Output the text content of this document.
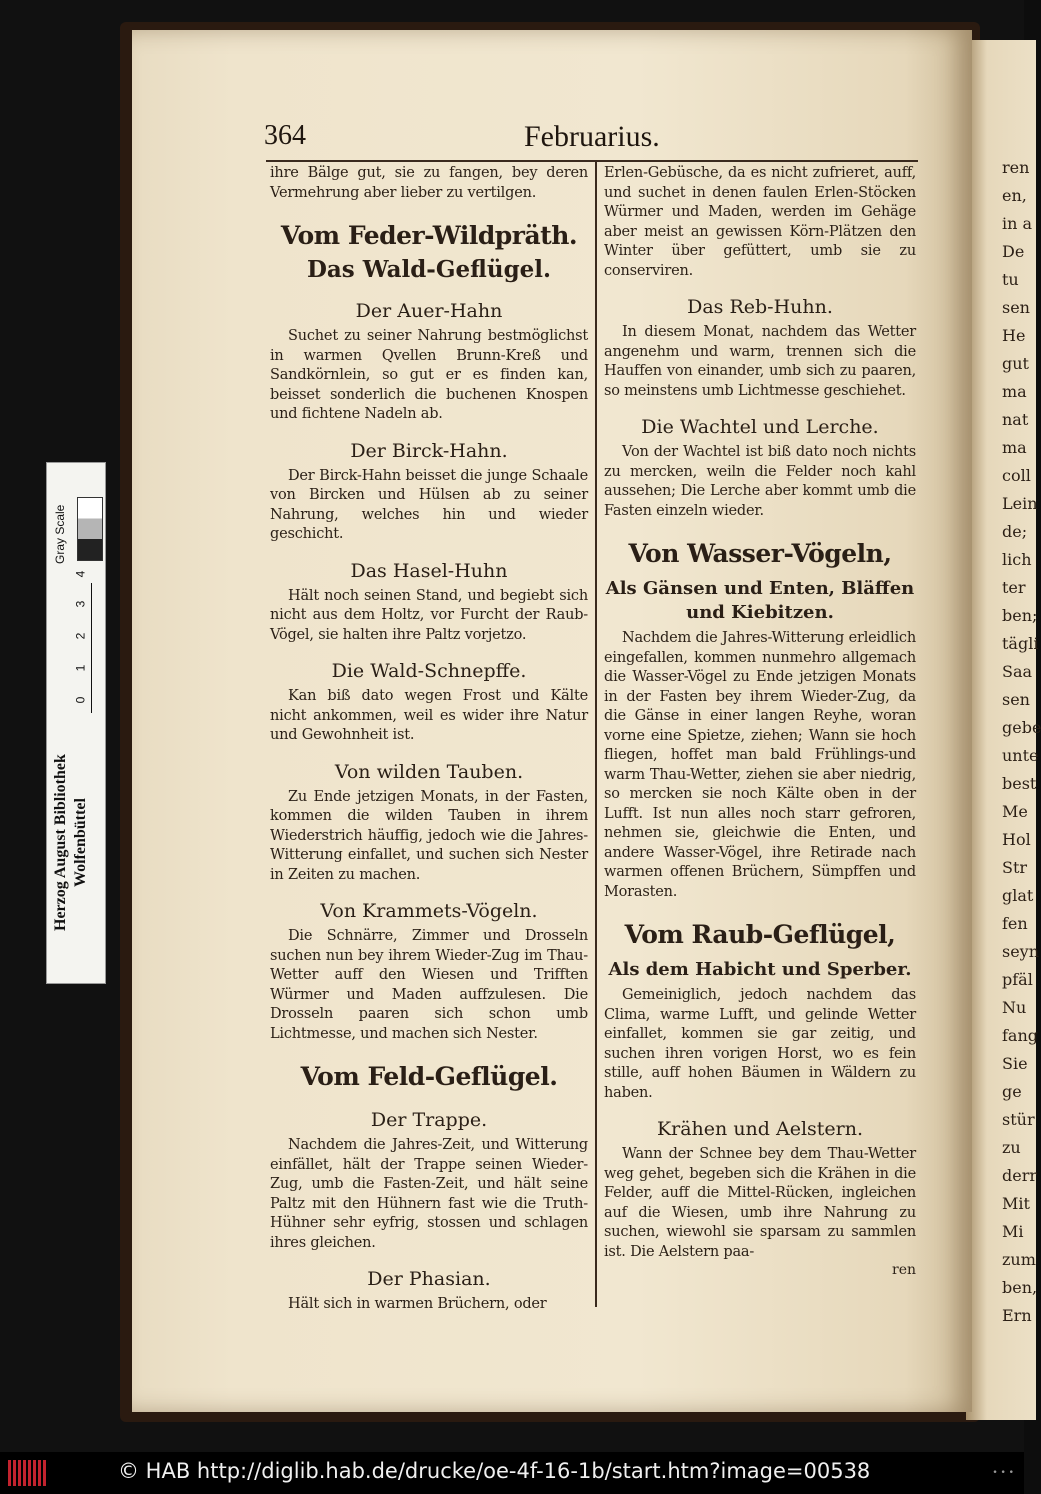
ren
en,
in a
De
tu
sen
He
gut
ma
nat
ma
coll
Lein
de;
lich
ter
ben;
tägli
Saa
sen
gebe
unte
best
Me
Hol
Str
glat
fen
seyn
pfäl
Nu
fang
Sie
ge
stür
zu
derr
Mit
Mi
zum
ben,
Ern
364	Februarius.

ihre Bälge gut, sie zu fangen, bey deren Vermehrung aber lieber zu vertilgen.

Vom Feder-Wildpräth.
Das Wald-Geflügel.
Der Auer-Hahn

Suchet zu seiner Nahrung bestmöglichst in warmen Qvellen Brunn-Kreß und Sandkörnlein, so gut er es finden kan, beisset sonderlich die buchenen Knospen und fichtene Nadeln ab.

Der Birck-Hahn.

Der Birck-Hahn beisset die junge Schaale von Bircken und Hülsen ab zu seiner Nahrung, welches hin und wieder geschicht.

Das Hasel-Huhn

Hält noch seinen Stand, und begiebt sich nicht aus dem Holtz, vor Furcht der Raub-Vögel, sie halten ihre Paltz vorjetzo.

Die Wald-Schnepffe.

Kan biß dato wegen Frost und Kälte nicht ankommen, weil es wider ihre Natur und Gewohnheit ist.

Von wilden Tauben.

Zu Ende jetzigen Monats, in der Fasten, kommen die wilden Tauben in ihrem Wiederstrich häuffig, jedoch wie die Jahres-Witterung einfallet, und suchen sich Nester in Zeiten zu machen.

Von Krammets-Vögeln.

Die Schnärre, Zimmer und Drosseln suchen nun bey ihrem Wieder-Zug im Thau-Wetter auff den Wiesen und Trifften Würmer und Maden auffzulesen. Die Drosseln paaren sich schon umb Lichtmesse, und machen sich Nester.

Vom Feld-Geflügel.
Der Trappe.

Nachdem die Jahres-Zeit, und Witterung einfället, hält der Trappe seinen Wieder-Zug, umb die Fasten-Zeit, und hält seine Paltz mit den Hühnern fast wie die Truth-Hühner sehr eyfrig, stossen und schlagen ihres gleichen.

Der Phasian.

Hält sich in warmen Brüchern, oder

Erlen-Gebüsche, da es nicht zufrieret, auff, und suchet in denen faulen Erlen-Stöcken Würmer und Maden, werden im Gehäge aber meist an gewissen Körn-Plätzen den Winter über gefüttert, umb sie zu conserviren.

Das Reb-Huhn.

In diesem Monat, nachdem das Wetter angenehm und warm, trennen sich die Hauffen von einander, umb sich zu paaren, so meinstens umb Lichtmesse geschiehet.

Die Wachtel und Lerche.

Von der Wachtel ist biß dato noch nichts zu mercken, weiln die Felder noch kahl aussehen; Die Lerche aber kommt umb die Fasten einzeln wieder.

Von Wasser-Vögeln,
Als Gänsen und Enten, Bläffen und Kiebitzen.

Nachdem die Jahres-Witterung erleidlich eingefallen, kommen nunmehro allgemach die Wasser-Vögel zu Ende jetzigen Monats in der Fasten bey ihrem Wieder-Zug, da die Gänse in einer langen Reyhe, woran vorne eine Spietze, ziehen; Wann sie hoch fliegen, hoffet man bald Frühlings-und warm Thau-Wetter, ziehen sie aber niedrig, so mercken sie noch Kälte oben in der Lufft. Ist nun alles noch starr gefroren, nehmen sie, gleichwie die Enten, und andere Wasser-Vögel, ihre Retirade nach warmen offenen Brüchern, Sümpffen und Morasten.

Vom Raub-Geflügel,
Als dem Habicht und Sperber.

Gemeiniglich, jedoch nachdem das Clima, warme Lufft, und gelinde Wetter einfallet, kommen sie gar zeitig, und suchen ihren vorigen Horst, wo es fein stille, auff hohen Bäumen in Wäldern zu haben.

Krähen und Aelstern.

Wann der Schnee bey dem Thau-Wetter weg gehet, begeben sich die Krähen in die Felder, auff die Mittel-Rücken, ingleichen auf die Wiesen, umb ihre Nahrung zu suchen, wiewohl sie sparsam zu sammlen ist. Die Aelstern paa-

ren

Gray Scale
0
1
2
3
4
Herzog August Bibliothek Wolfenbüttel
© HAB http://diglib.hab.de/drucke/oe-4f-16-1b/start.htm?image=00538	• • •
